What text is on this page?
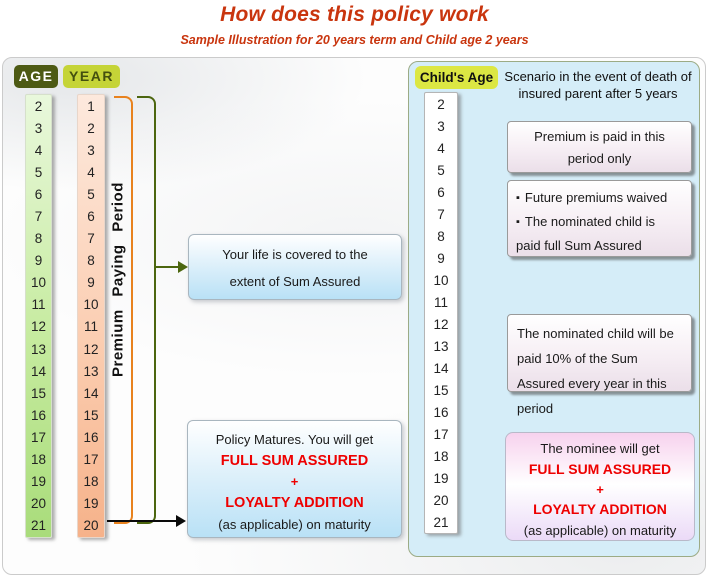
How does this policy work
Sample Illustration for 20 years term and Child age 2 years
AGE	YEAR
2
3
4
5
6
7
8
9
10
11
12
13
14
15
16
17
18
19
20
21
1
2
3
4
5
6
7
8
9
10
11
12
13
14
15
16
17
18
19
20
Premium Paying Period	Your life is covered to the
extent of Sum Assured
Policy Matures. You will get
FULL SUM ASSURED
+
LOYALTY ADDITION
(as applicable) on maturity
Child's Age Scenario in the event of death of
insured parent after 5 years
2
3
4
5
6
7
8
9
10
11
12
13
14
15
16
17
18
19
20
21
Premium is paid in this
period only
▪ Future premiums waived
▪ The nominated child is paid full Sum Assured
The nominated child will be paid 10% of the Sum Assured every year in this period
The nominee will get
FULL SUM ASSURED
+
LOYALTY ADDITION
(as applicable) on maturity
